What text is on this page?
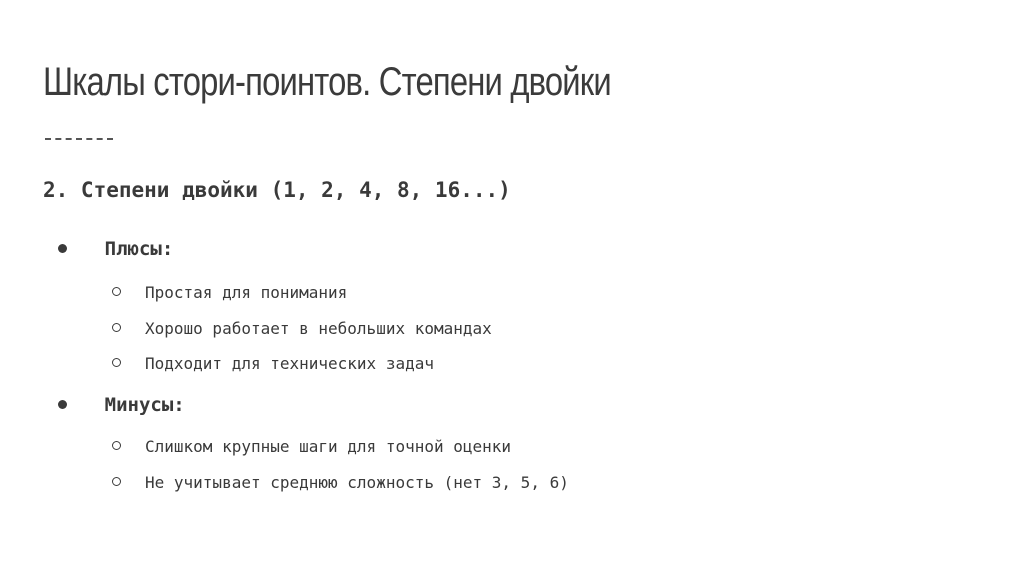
Шкалы стори-поинтов. Степени двойки
2. Степени двойки (1, 2, 4, 8, 16...)
Плюсы:
Простая для понимания
Хорошо работает в небольших командах
Подходит для технических задач
Минусы:
Слишком крупные шаги для точной оценки
Не учитывает среднюю сложность (нет 3, 5, 6)
